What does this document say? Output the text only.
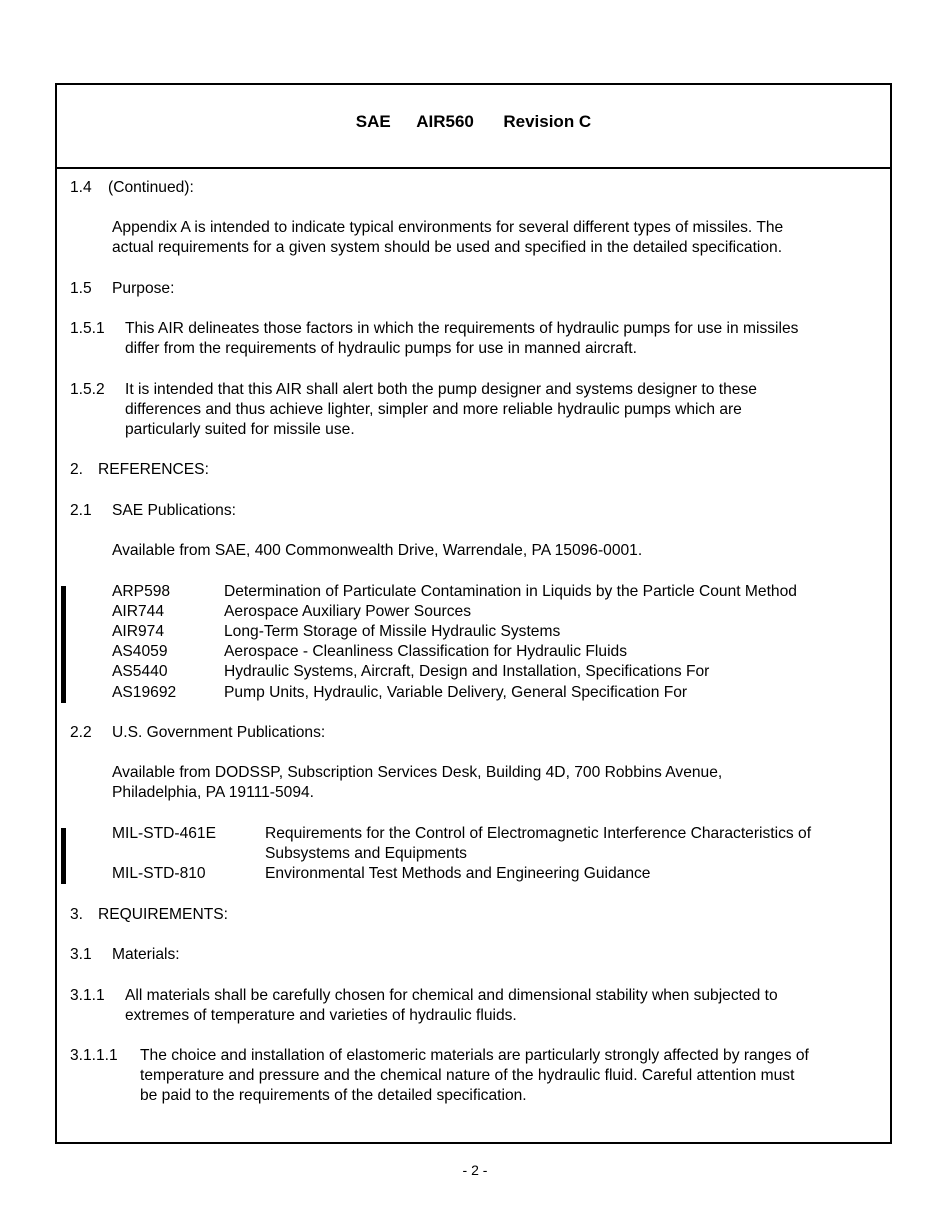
SAE AIR560 Revision C
1.4 (Continued):
Appendix A is intended to indicate typical environments for several different types of missiles. The
actual requirements for a given system should be used and specified in the detailed specification.
1.5 Purpose:
1.5.1 This AIR delineates those factors in which the requirements of hydraulic pumps for use in missiles
differ from the requirements of hydraulic pumps for use in manned aircraft.
1.5.2 It is intended that this AIR shall alert both the pump designer and systems designer to these
differences and thus achieve lighter, simpler and more reliable hydraulic pumps which are
particularly suited for missile use.
2. REFERENCES:
2.1 SAE Publications:
Available from SAE, 400 Commonwealth Drive, Warrendale, PA 15096-0001.
ARP598	Determination of Particulate Contamination in Liquids by the Particle Count Method
AIR744	Aerospace Auxiliary Power Sources
AIR974	Long-Term Storage of Missile Hydraulic Systems
AS4059	Aerospace - Cleanliness Classification for Hydraulic Fluids
AS5440	Hydraulic Systems, Aircraft, Design and Installation, Specifications For
AS19692	Pump Units, Hydraulic, Variable Delivery, General Specification For
2.2 U.S. Government Publications:
Available from DODSSP, Subscription Services Desk, Building 4D, 700 Robbins Avenue,
Philadelphia, PA 19111-5094.
MIL-STD-461E	Requirements for the Control of Electromagnetic Interference Characteristics of
Subsystems and Equipments
MIL-STD-810	Environmental Test Methods and Engineering Guidance
3. REQUIREMENTS:
3.1 Materials:
3.1.1 All materials shall be carefully chosen for chemical and dimensional stability when subjected to
extremes of temperature and varieties of hydraulic fluids.
3.1.1.1 The choice and installation of elastomeric materials are particularly strongly affected by ranges of
temperature and pressure and the chemical nature of the hydraulic fluid. Careful attention must
be paid to the requirements of the detailed specification.
- 2 -
